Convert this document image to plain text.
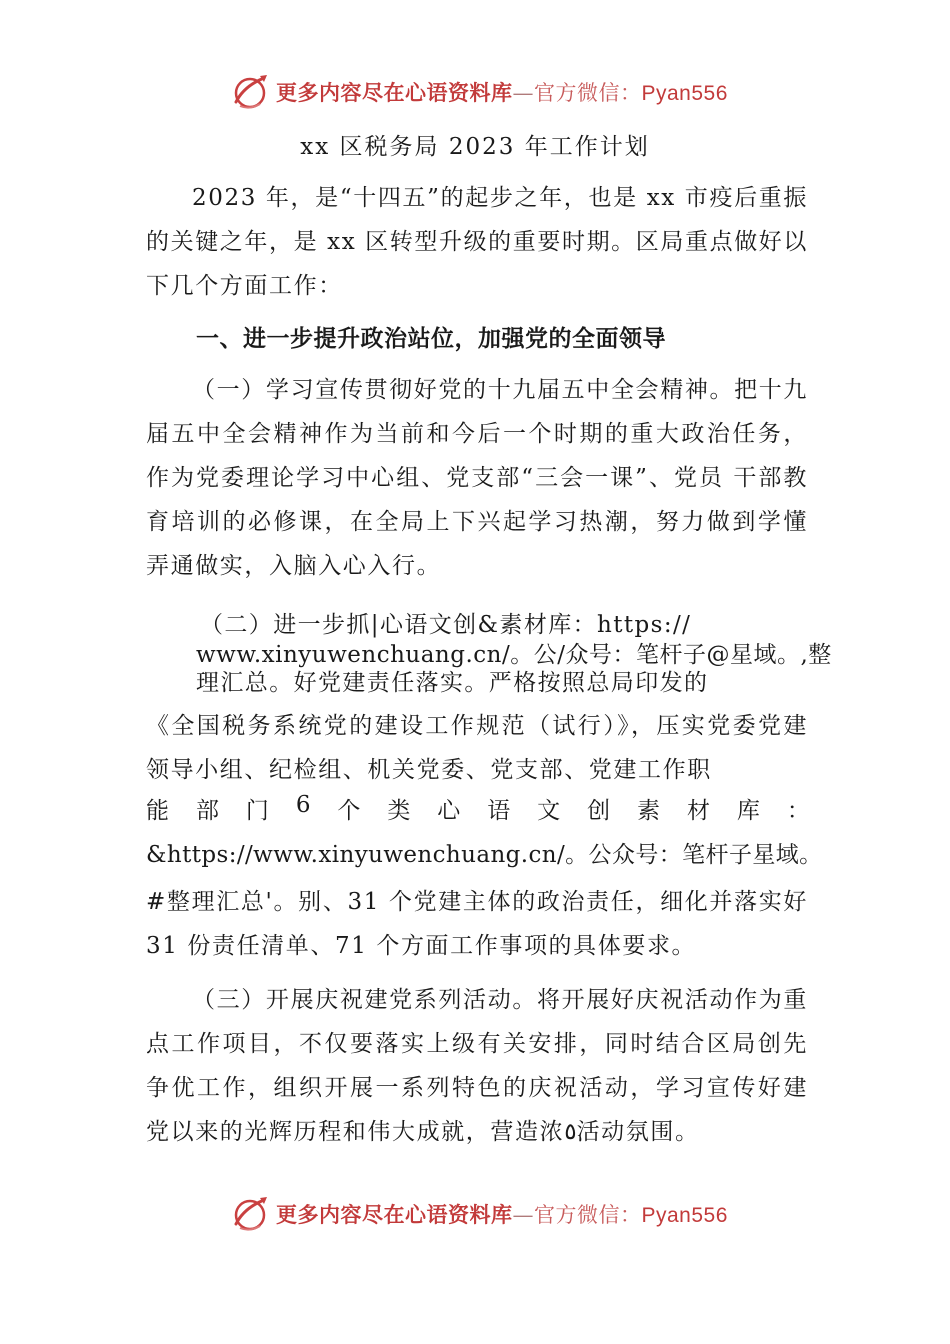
更多内容尽在心语资料库—官方微信：Pyan556
xx 区税务局 2023 年工作计划

2023 年，是“十四五”的起步之年，也是 xx 市疫后重振的关键之年，是 xx 区转型升级的重要时期。区局重点做好以下几个方面工作：

一、进一步提升政治站位，加强党的全面领导

（一）学习宣传贯彻好党的十九届五中全会精神。把十九届五中全会精神作为当前和今后一个时期的重大政治任务，作为党委理论学习中心组、党支部“三会一课”、党员 干部教育培训的必修课，在全局上下兴起学习热潮，努力做到学懂弄通做实，入脑入心入行。

（二）进一步抓|心语文创&素材库：https://
www.xinyuwenchuang.cn/。公/众号：笔杆子@星域。,整
理汇总。好党建责任落实。严格按照总局印发的

《全国税务系统党的建设工作规范（试行）》，压实党委党建领导小组、纪检组、机关党委、党支部、党建工作职

能 部 门 6 个 类 心 语 文 创 素 材 库 ：
&https://www.xinyuwenchuang.cn/。公众号：笔杆子星域。

#整理汇总'。别、31 个党建主体的政治责任，细化并落实好 31 份责任清单、71 个方面工作事项的具体要求。

（三）开展庆祝建党系列活动。将开展好庆祝活动作为重点工作项目，不仅要落实上级有关安排，同时结合区局创先争优工作，组织开展一系列特色的庆祝活动，学习宣传好建党以来的光辉历程和伟大成就，营造浓٥活动氛围。

更多内容尽在心语资料库—官方微信：Pyan556
